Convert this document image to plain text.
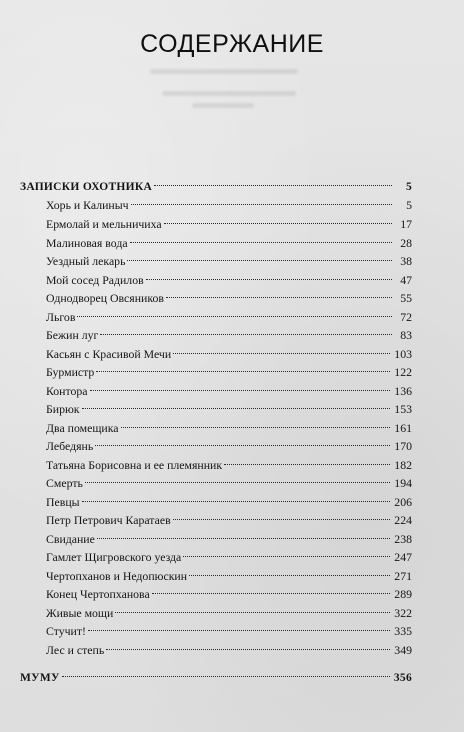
СОДЕРЖАНИЕ
ЗАПИСКИ ОХОТНИКА	5
Хорь и Калиныч	5
Ермолай и мельничиха	17
Малиновая вода	28
Уездный лекарь	38
Мой сосед Радилов	47
Однодворец Овсяников	55
Льгов	72
Бежин луг	83
Касьян с Красивой Мечи	103
Бурмистр	122
Контора	136
Бирюк	153
Два помещика	161
Лебедянь	170
Татьяна Борисовна и ее племянник	182
Смерть	194
Певцы	206
Петр Петрович Каратаев	224
Свидание	238
Гамлет Щигровского уезда	247
Чертопханов и Недопюскин	271
Конец Чертопханова	289
Живые мощи	322
Стучит!	335
Лес и степь	349
МУМУ	356
